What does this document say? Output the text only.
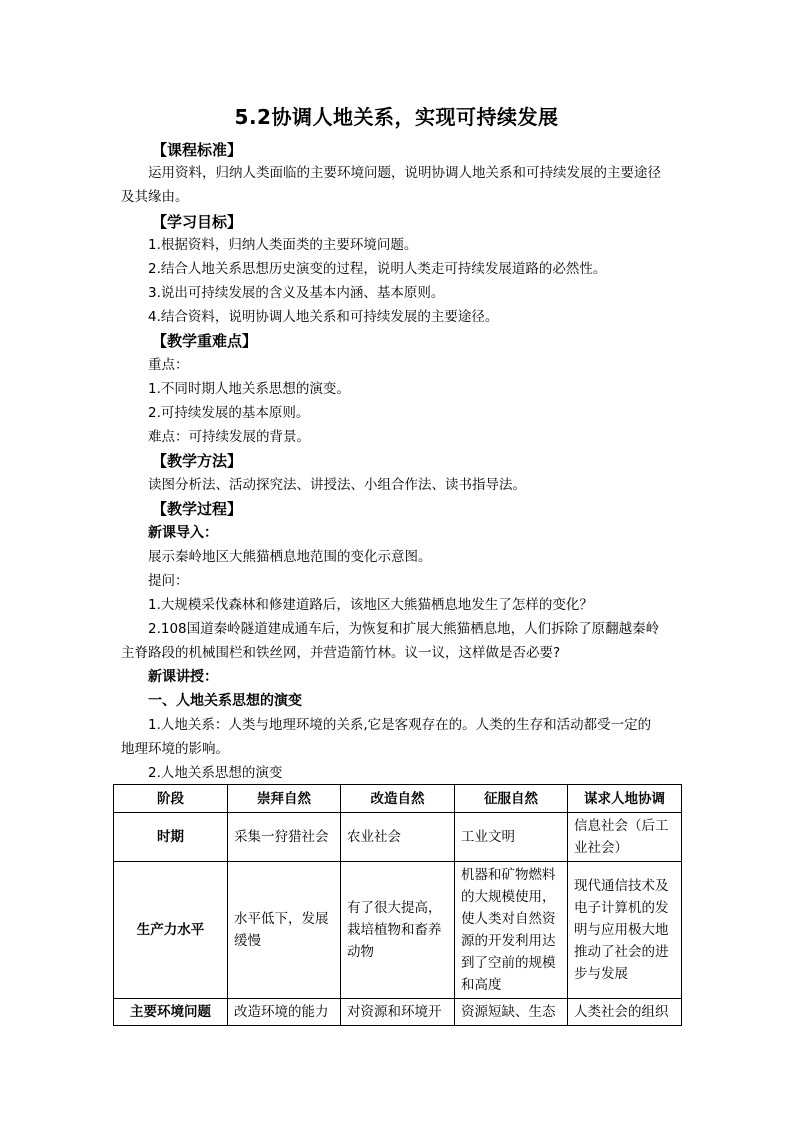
5.2协调人地关系，实现可持续发展
【课程标准】
运用资料，归纳人类面临的主要环境问题，说明协调人地关系和可持续发展的主要途径
及其缘由。
【学习目标】
1.根据资料，归纳人类面类的主要环境问题。
2.结合人地关系思想历史演变的过程，说明人类走可持续发展道路的必然性。
3.说出可持续发展的含义及基本内涵、基本原则。
4.结合资料，说明协调人地关系和可持续发展的主要途径。
【教学重难点】
重点：
1.不同时期人地关系思想的演变。
2.可持续发展的基本原则。
难点：可持续发展的背景。
【教学方法】
读图分析法、活动探究法、讲授法、小组合作法、读书指导法。
【教学过程】
新课导入：
展示秦岭地区大熊猫栖息地范围的变化示意图。
提问：
1.大规模采伐森林和修建道路后，该地区大熊猫栖息地发生了怎样的变化？
2.108国道秦岭隧道建成通车后，为恢复和扩展大熊猫栖息地，人们拆除了原翻越秦岭
主脊路段的机械围栏和铁丝网，并营造箭竹林。议一议，这样做是否必要?
新课讲授：
一、人地关系思想的演变
1.人地关系：人类与地理环境的关系,它是客观存在的。人类的生存和活动都受一定的
地理环境的影响。
2.人地关系思想的演变
阶段	崇拜自然	改造自然	征服自然	谋求人地协调
时期	采集一狩猎社会	农业社会	工业文明	信息社会（后工业社会）
生产力水平	水平低下，发展缓慢	有了很大提高，栽培植物和畜养动物	机器和矿物燃料的大规模使用，使人类对自然资源的开发利用达到了空前的规模和高度	现代通信技术及电子计算机的发明与应用极大地推动了社会的进步与发展
主要环境问题	改造环境的能力	对资源和环境开	资源短缺、生态	人类社会的组织
